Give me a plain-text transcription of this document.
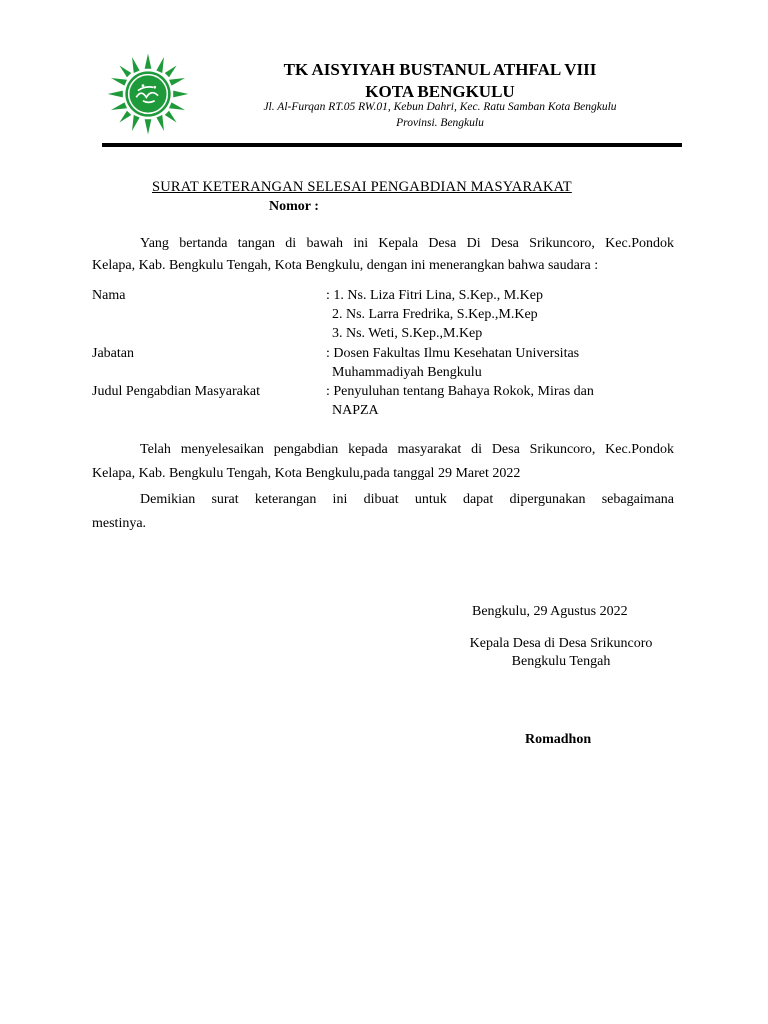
TK AISYIYAH BUSTANUL ATHFAL VIII
KOTA BENGKULU
Jl. Al-Furqan RT.05 RW.01, Kebun Dahri, Kec. Ratu Samban Kota Bengkulu
Provinsi. Bengkulu
SURAT KETERANGAN SELESAI PENGABDIAN MASYARAKAT
Nomor :
Yang bertanda tangan di bawah ini Kepala Desa Di Desa Srikuncoro, Kec.Pondok
Kelapa, Kab. Bengkulu Tengah, Kota Bengkulu, dengan ini menerangkan bahwa saudara :
Nama	: 1. Ns. Liza Fitri Lina, S.Kep., M.Kep
2. Ns. Larra Fredrika, S.Kep.,M.Kep
3. Ns. Weti, S.Kep.,M.Kep
Jabatan	: Dosen Fakultas Ilmu Kesehatan Universitas
Muhammadiyah Bengkulu
Judul Pengabdian Masyarakat	: Penyuluhan tentang Bahaya Rokok, Miras dan
NAPZA
Telah menyelesaikan pengabdian kepada masyarakat di Desa Srikuncoro, Kec.Pondok
Kelapa, Kab. Bengkulu Tengah, Kota Bengkulu,pada tanggal 29 Maret 2022
Demikian surat keterangan ini dibuat untuk dapat dipergunakan sebagaimana
mestinya.
Bengkulu, 29 Agustus 2022
Kepala Desa di Desa Srikuncoro
Bengkulu Tengah
Romadhon
